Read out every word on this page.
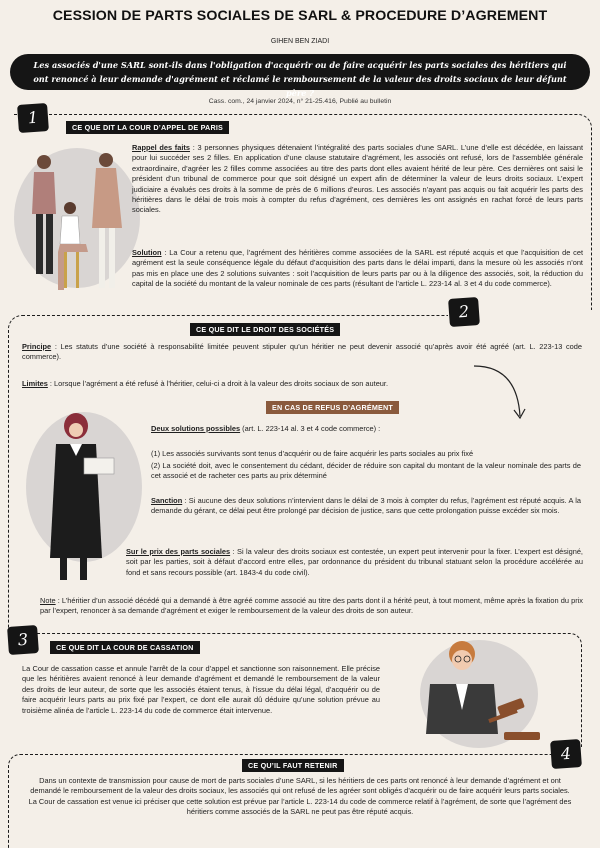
CESSION DE PARTS SOCIALES DE SARL & PROCEDURE D’AGREMENT
GIHEN BEN ZIADI
Les associés d'une SARL sont-ils dans l'obligation d'acquérir ou de faire acquérir les parts sociales des héritiers qui ont renoncé à leur demande d'agrément et réclamé le remboursement de la valeur des droits sociaux de leur défunt père ?
Cass. com., 24 janvier 2024, n° 21-25.416, Publié au bulletin
1
CE QUE DIT LA COUR D’APPEL DE PARIS
Rappel des faits : 3 personnes physiques détenaient l’intégralité des parts sociales d’une SARL. L’une d’elle est décédée, en laissant pour lui succéder ses 2 filles. En application d’une clause statutaire d’agrément, les associés ont refusé, lors de l’assemblée générale extraordinaire, d’agréer les 2 filles comme associées au titre des parts dont elles avaient hérité de leur père. Ces dernières ont saisi le président d’un tribunal de commerce pour que soit désigné un expert afin de déterminer la valeur de leurs droits sociaux. L’expert judiciaire a évalués ces droits à la somme de près de 6 millions d’euros. Les associés n’ayant pas acquis ou fait acquérir les parts des héritières dans le délai de trois mois à compter du refus d’agrément, ces dernières les ont assignés en rachat forcé de leurs parts sociales.
Solution : La Cour a retenu que, l’agrément des héritières comme associées de la SARL est réputé acquis et que l’acquisition de cet agrément est la seule conséquence légale du défaut d’acquisition des parts dans le délai imparti, dans la mesure où les associés n’ont pas mis en place une des 2 solutions suivantes : soit l’acquisition de leurs parts par ou à la diligence des associés, soit, la réduction du capital de la société du montant de la valeur nominale de ces parts (résultant de l’article L. 223-14 al. 3 et 4 du code commerce).
2
CE QUE DIT LE DROIT DES SOCIÉTÉS
Principe : Les statuts d’une société à responsabilité limitée peuvent stipuler qu’un héritier ne peut devenir associé qu’après avoir été agréé (art. L. 223-13 code commerce).
Limites : Lorsque l’agrément a été refusé à l’héritier, celui-ci a droit à la valeur des droits sociaux de son auteur.
EN CAS DE REFUS D’AGRÉMENT
Deux solutions possibles (art. L. 223-14 al. 3 et 4 code commerce) :
(1) Les associés survivants sont tenus d’acquérir ou de faire acquérir les parts sociales au prix fixé
(2) La société doit, avec le consentement du cédant, décider de réduire son capital du montant de la valeur nominale des parts de cet associé et de racheter ces parts au prix déterminé
Sanction : Si aucune des deux solutions n’intervient dans le délai de 3 mois à compter du refus, l’agrément est réputé acquis. A la demande du gérant, ce délai peut être prolongé par décision de justice, sans que cette prolongation puisse excéder six mois.
Sur le prix des parts sociales : Si la valeur des droits sociaux est contestée, un expert peut intervenir pour la fixer. L’expert est désigné, soit par les parties, soit à défaut d’accord entre elles, par ordonnance du président du tribunal statuant selon la procédure accélérée au fond et sans recours possible (art. 1843-4 du code civil).
Note : L’héritier d’un associé décédé qui a demandé à être agréé comme associé au titre des parts dont il a hérité peut, à tout moment, même après la fixation du prix par l’expert, renoncer à sa demande d’agrément et exiger le remboursement de la valeur des droits de son auteur.
3	CE QUE DIT LA COUR DE CASSATION
La Cour de cassation casse et annule l’arrêt de la cour d’appel et sanctionne son raisonnement. Elle précise que les héritières avaient renoncé à leur demande d’agrément et demandé le remboursement de la valeur des droits de leur auteur, de sorte que les associés étaient tenus, à l’issue du délai légal, d’acquérir ou de faire acquérir leurs parts au prix fixé par l’expert, ce dont elle aurait dû déduire qu’une solution prévue au troisième alinéa de l’article L. 223-14 du code de commerce était intervenue.
4
CE QU’IL FAUT RETENIR
Dans un contexte de transmission pour cause de mort de parts sociales d’une SARL, si les héritiers de ces parts ont renoncé à leur demande d’agrément et ont demandé le remboursement de la valeur des droits sociaux, les associés qui ont refusé de les agréer sont obligés d’acquérir ou de faire acquérir leurs parts sociales. La Cour de cassation est venue ici préciser que cette solution est prévue par l’article L. 223-14 du code de commerce relatif à l’agrément, de sorte que l’agrément des héritiers comme associés de la SARL ne peut pas être réputé acquis.
